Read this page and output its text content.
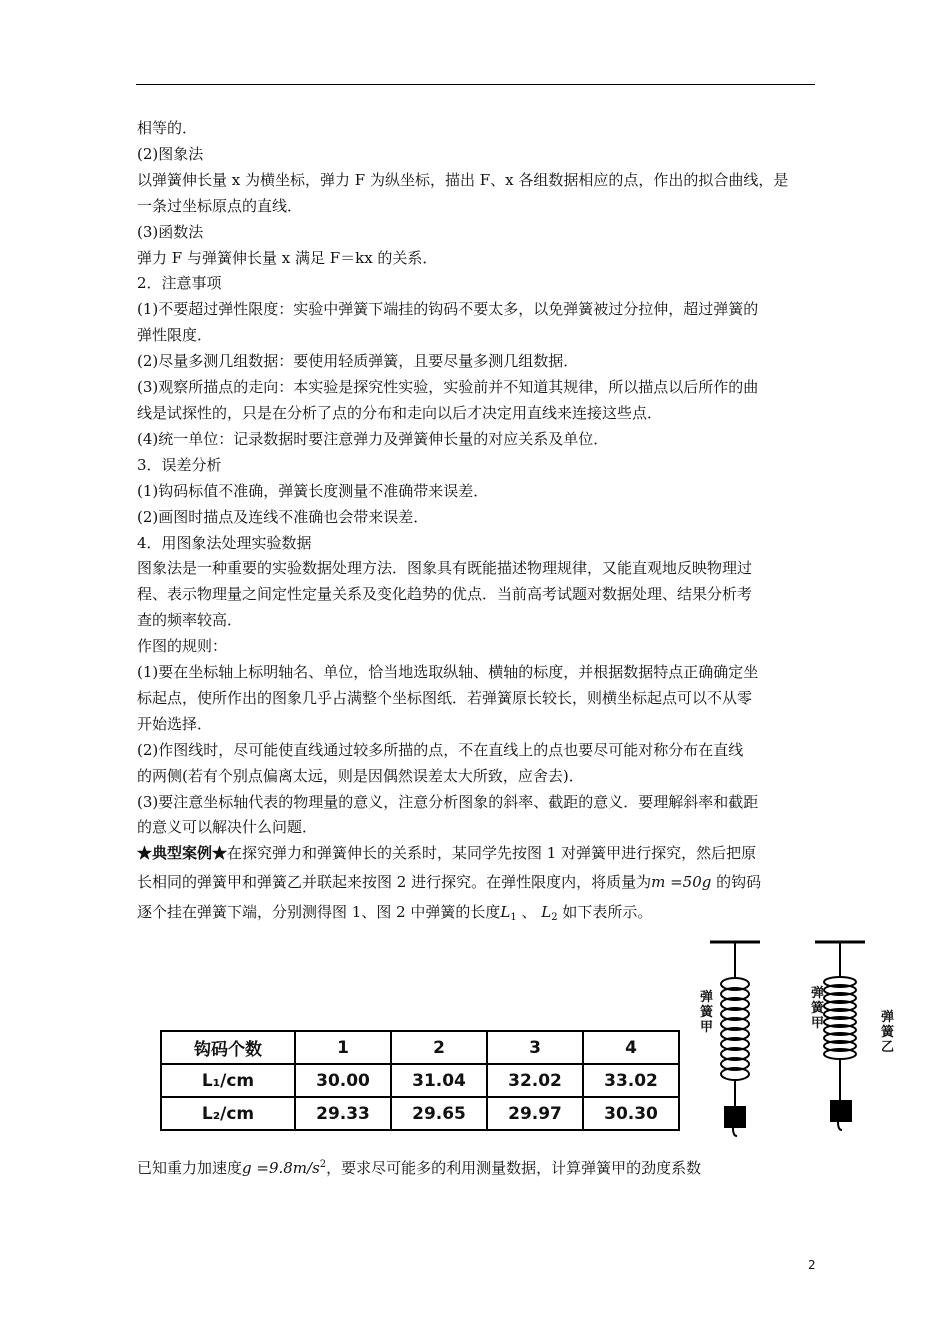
相等的．

(2)图象法

以弹簧伸长量 x 为横坐标，弹力 F 为纵坐标，描出 F、x 各组数据相应的点，作出的拟合曲线，是

一条过坐标原点的直线．

(3)函数法

弹力 F 与弹簧伸长量 x 满足 F＝kx 的关系．

2．注意事项

(1)不要超过弹性限度：实验中弹簧下端挂的钩码不要太多，以免弹簧被过分拉伸，超过弹簧的

弹性限度．

(2)尽量多测几组数据：要使用轻质弹簧，且要尽量多测几组数据．

(3)观察所描点的走向：本实验是探究性实验，实验前并不知道其规律，所以描点以后所作的曲

线是试探性的，只是在分析了点的分布和走向以后才决定用直线来连接这些点．

(4)统一单位：记录数据时要注意弹力及弹簧伸长量的对应关系及单位．

3．误差分析

(1)钩码标值不准确，弹簧长度测量不准确带来误差．

(2)画图时描点及连线不准确也会带来误差．

4．用图象法处理实验数据

图象法是一种重要的实验数据处理方法．图象具有既能描述物理规律，又能直观地反映物理过

程、表示物理量之间定性定量关系及变化趋势的优点．当前高考试题对数据处理、结果分析考

查的频率较高．

作图的规则：

(1)要在坐标轴上标明轴名、单位，恰当地选取纵轴、横轴的标度，并根据数据特点正确确定坐

标起点，使所作出的图象几乎占满整个坐标图纸．若弹簧原长较长，则横坐标起点可以不从零

开始选择．

(2)作图线时，尽可能使直线通过较多所描的点，不在直线上的点也要尽可能对称分布在直线

的两侧(若有个别点偏离太远，则是因偶然误差太大所致，应舍去)．

(3)要注意坐标轴代表的物理量的意义，注意分析图象的斜率、截距的意义．要理解斜率和截距

的意义可以解决什么问题．

★典型案例★在探究弹力和弹簧伸长的关系时，某同学先按图 1 对弹簧甲进行探究，然后把原

长相同的弹簧甲和弹簧乙并联起来按图 2 进行探究。在弹性限度内，将质量为m =50g 的钩码

逐个挂在弹簧下端，分别测得图 1、图 2 中弹簧的长度$L_1$ 、 $L_2$ 如下表所示。

钩码个数	1	2	3	4
L₁/cm	30.00	31.04	32.02	33.02
L₂/cm	29.33	29.65	29.97	30.30
弹簧甲
弹簧甲	弹簧乙
已知重力加速度$g =9.8m/s^2$，要求尽可能多的利用测量数据，计算弹簧甲的劲度系数
2
